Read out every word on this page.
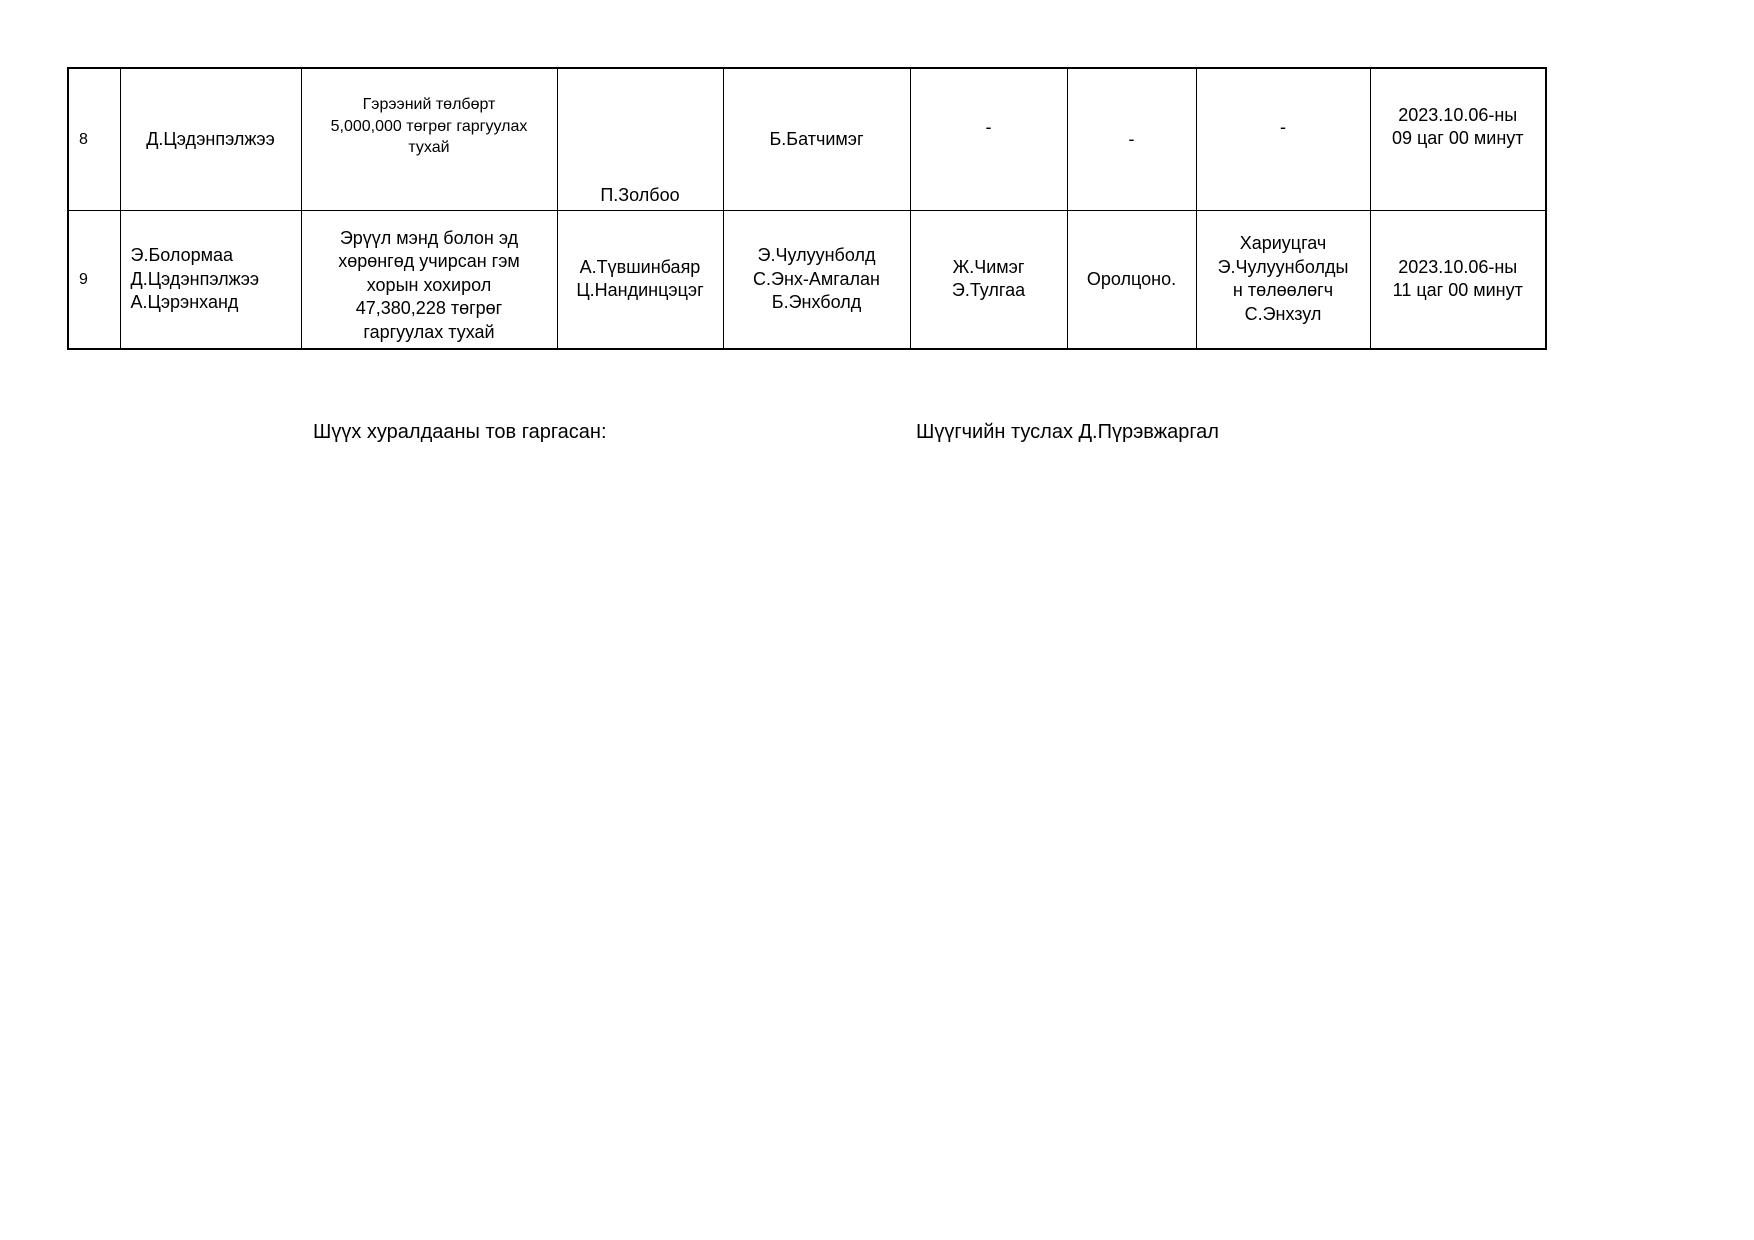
8	Д.Цэдэнпэлжээ	Гэрээний төлбөрт
5,000,000 төгрөг гаргуулах
тухай	П.Золбоо	Б.Батчимэг	-	-	-	2023.10.06-ны
09 цаг 00 минут

9	Э.Болормаа
Д.Цэдэнпэлжээ
А.Цэрэнханд	Эрүүл мэнд болон эд
хөрөнгөд учирсан гэм
хорын хохирол
47,380,228 төгрөг
гаргуулах тухай	А.Түвшинбаяр
Ц.Нандинцэцэг	Э.Чулуунболд
С.Энх-Амгалан
Б.Энхболд	Ж.Чимэг
Э.Тулгаа	Оролцоно.	Хариуцгач
Э.Чулуунболды
н төлөөлөгч
С.Энхзул	2023.10.06-ны
11 цаг 00 минут
Шүүх хуралдааны тов гаргасан:	Шүүгчийн туслах Д.Пүрэвжаргал
